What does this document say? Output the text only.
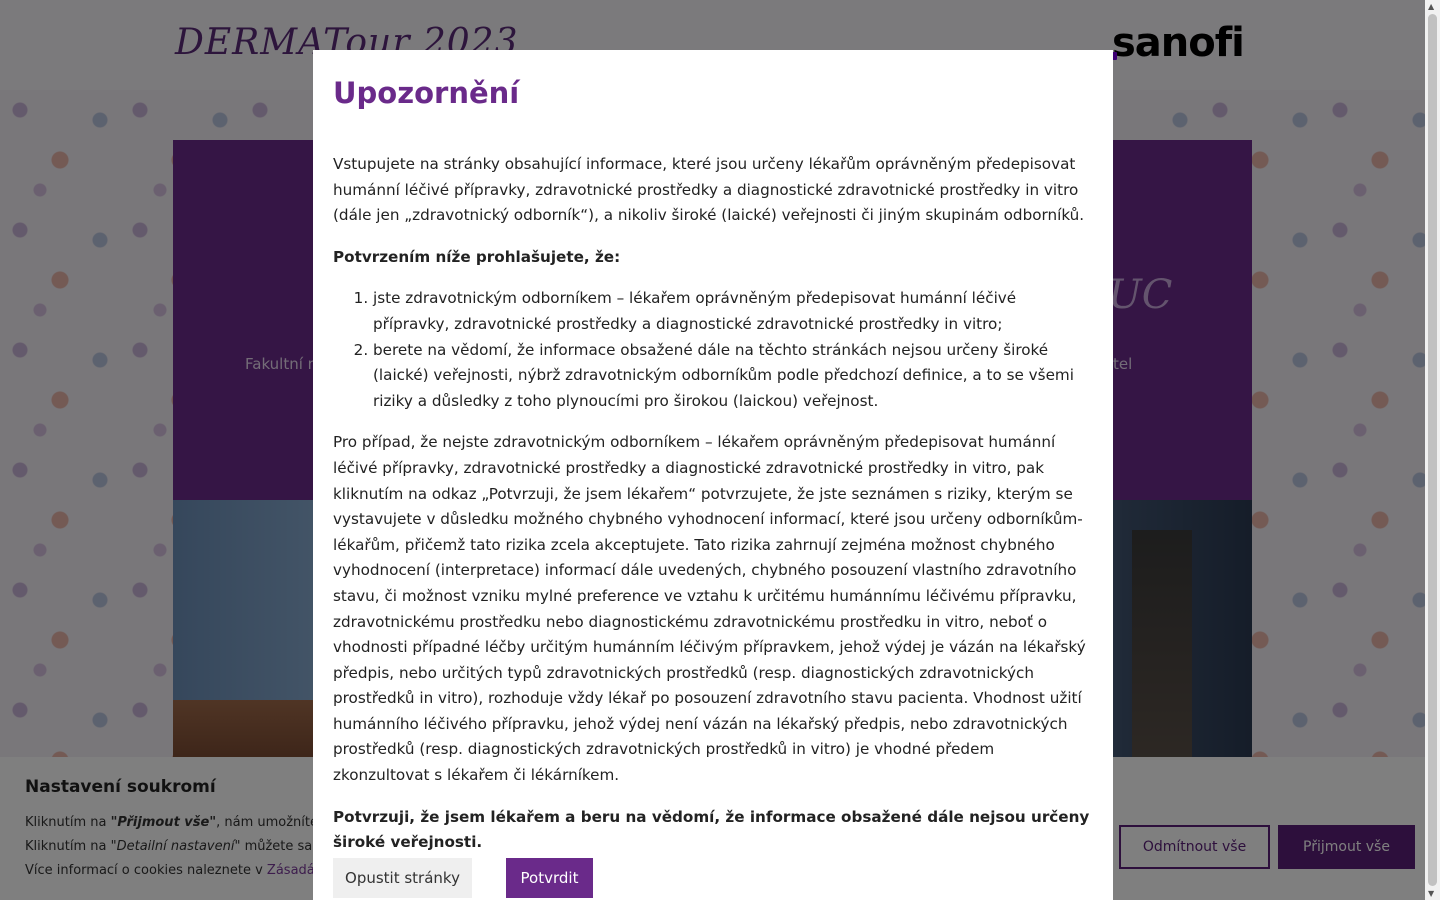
▲
▼
Upozornění

Vstupujete na stránky obsahující informace, které jsou určeny lékařům oprávněným předepisovat humánní léčivé přípravky, zdravotnické prostředky a diagnostické zdravotnické prostředky in vitro (dále jen „zdravotnický odborník“), a nikoliv široké (laické) veřejnosti či jiným skupinám odborníků.

Potvrzením níže prohlašujete, že:

1. jste zdravotnickým odborníkem – lékařem oprávněným předepisovat humánní léčivé přípravky, zdravotnické prostředky a diagnostické zdravotnické prostředky in vitro;
2. berete na vědomí, že informace obsažené dále na těchto stránkách nejsou určeny široké (laické) veřejnosti, nýbrž zdravotnickým odborníkům podle předchozí definice, a to se všemi riziky a důsledky z toho plynoucími pro širokou (laickou) veřejnost.

Pro případ, že nejste zdravotnickým odborníkem – lékařem oprávněným předepisovat humánní léčivé přípravky, zdravotnické prostředky a diagnostické zdravotnické prostředky in vitro, pak kliknutím na odkaz „Potvrzuji, že jsem lékařem“ potvrzujete, že jste seznámen s riziky, kterým se vystavujete v důsledku možného chybného vyhodnocení informací, které jsou určeny odborníkům-lékařům, přičemž tato rizika zcela akceptujete. Tato rizika zahrnují zejména možnost chybného vyhodnocení (interpretace) informací dále uvedených, chybného posouzení vlastního zdravotního stavu, či možnost vzniku mylné preference ve vztahu k určitému humánnímu léčivému přípravku, zdravotnickému prostředku nebo diagnostickému zdravotnickému prostředku in vitro, neboť o vhodnosti případné léčby určitým humánním léčivým přípravkem, jehož výdej je vázán na lékařský předpis, nebo určitých typů zdravotnických prostředků (resp. diagnostických zdravotnických prostředků in vitro), rozhoduje vždy lékař po posouzení zdravotního stavu pacienta. Vhodnost užití humánního léčivého přípravku, jehož výdej není vázán na lékařský předpis, nebo zdravotnických prostředků (resp. diagnostických zdravotnických prostředků in vitro) je vhodné předem zkonzultovat s lékařem či lékárníkem.

Potvrzuji, že jsem lékařem a beru na vědomí, že informace obsažené dále nejsou určeny široké veřejnosti.

Opustit stránky	Potvrdit
